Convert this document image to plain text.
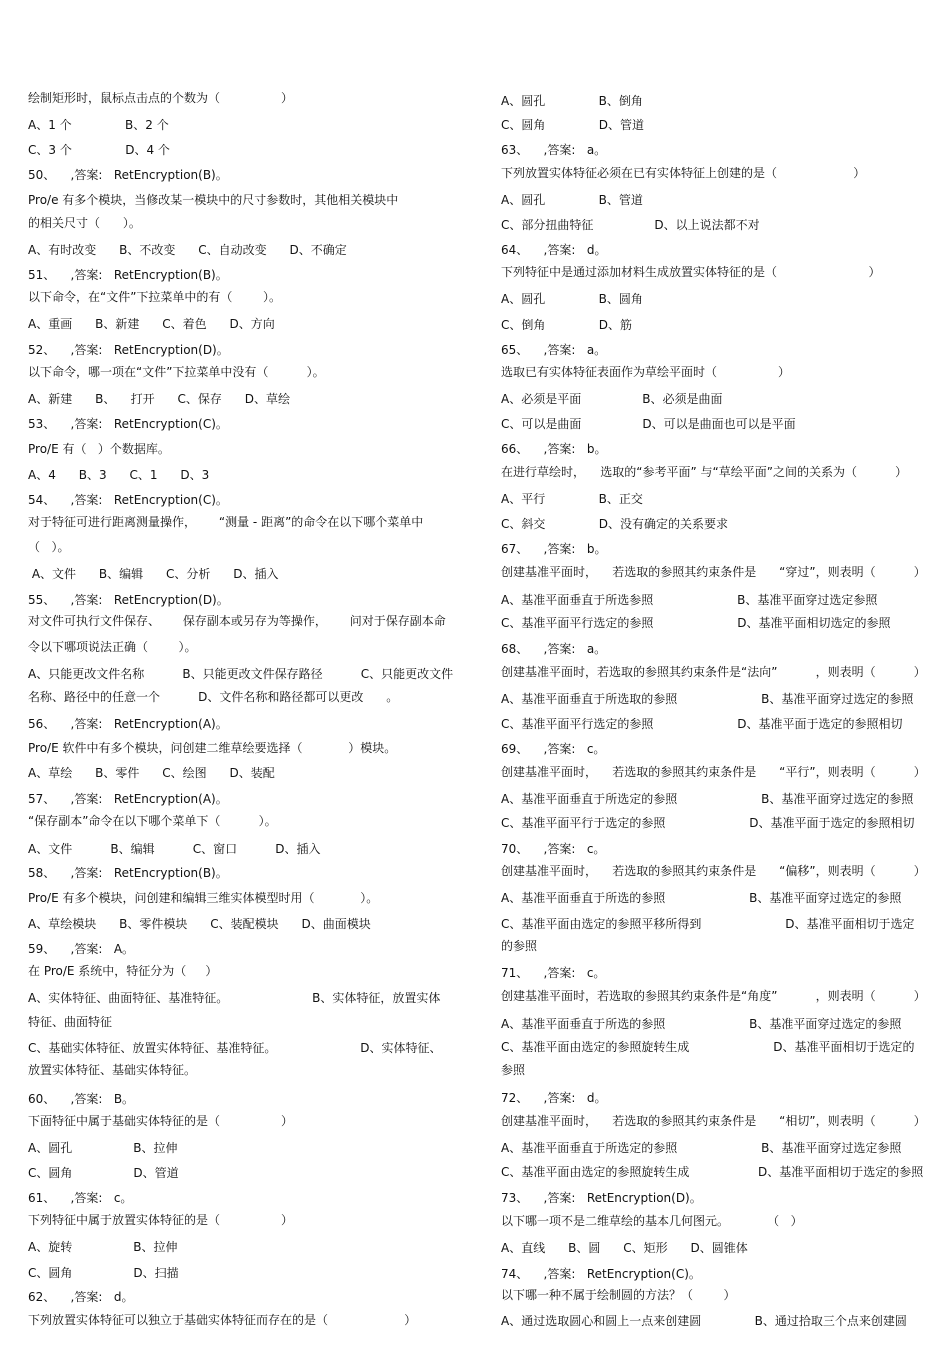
绘制矩形时，鼠标点击点的个数为（                ）
A、1 个              B、2 个
C、3 个              D、4 个
50、    ,答案:   RetEncryption(B)。
Pro/e 有多个模块，当修改某一模块中的尺寸参数时，其他相关模块中
的相关尺寸（      ）。
A、有时改变      B、不改变      C、自动改变      D、不确定
51、    ,答案:   RetEncryption(B)。
以下命令，在“文件”下拉菜单中的有（        ）。
A、重画      B、新建      C、着色      D、方向
52、    ,答案:   RetEncryption(D)。
以下命令，哪一项在“文件”下拉菜单中没有（          ）。
A、新建      B、    打开      C、保存      D、草绘
53、    ,答案:   RetEncryption(C)。
Pro/E 有（   ）个数据库。
A、4      B、3      C、1      D、3
54、    ,答案:   RetEncryption(C)。
对于特征可进行距离测量操作，      “测量 - 距离”的命令在以下哪个菜单中
（   ）。
A、文件      B、编辑      C、分析      D、插入
55、    ,答案:   RetEncryption(D)。
对文件可执行文件保存、      保存副本或另存为等操作，      问对于保存副本命
令以下哪项说法正确（        ）。
A、只能更改文件名称          B、只能更改文件保存路径          C、只能更改文件
名称、路径中的任意一个          D、文件名称和路径都可以更改      。
56、    ,答案:   RetEncryption(A)。
Pro/E 软件中有多个模块，问创建二维草绘要选择（            ）模块。
A、草绘      B、零件      C、绘图      D、装配
57、    ,答案:   RetEncryption(A)。
“保存副本”命令在以下哪个菜单下（          ）。
A、文件          B、编辑          C、窗口          D、插入
58、    ,答案:   RetEncryption(B)。
Pro/E 有多个模块，问创建和编辑三维实体模型时用（            ）。
A、草绘模块      B、零件模块      C、装配模块      D、曲面模块
59、    ,答案:   A。
在 Pro/E 系统中，特征分为（     ）
A、实体特征、曲面特征、基准特征。                      B、实体特征，放置实体
特征、曲面特征
C、基础实体特征、放置实体特征、基准特征。                      D、实体特征、
放置实体特征、基础实体特征。
60、    ,答案:   B。
下面特征中属于基础实体特征的是（                ）
A、圆孔                B、拉伸
C、圆角                D、管道
61、    ,答案:   c。
下列特征中属于放置实体特征的是（                ）
A、旋转                B、拉伸
C、圆角                D、扫描
62、    ,答案:   d。
下列放置实体特征可以独立于基础实体特征而存在的是（                    ）
A、圆孔              B、倒角
C、圆角              D、管道
63、    ,答案:   a。
下列放置实体特征必须在已有实体特征上创建的是（                    ）
A、圆孔              B、管道
C、部分扭曲特征                D、以上说法都不对
64、    ,答案:   d。
下列特征中是通过添加材料生成放置实体特征的是（                        ）
A、圆孔              B、圆角
C、倒角              D、筋
65、    ,答案:   a。
选取已有实体特征表面作为草绘平面时（                ）
A、必须是平面                B、必须是曲面
C、可以是曲面                D、可以是曲面也可以是平面
66、    ,答案:   b。
在进行草绘时，    选取的“参考平面” 与“草绘平面”之间的关系为（          ）
A、平行              B、正交
C、斜交              D、没有确定的关系要求
67、    ,答案:   b。
创建基准平面时，    若选取的参照其约束条件是      “穿过”，则表明（          ）
A、基准平面垂直于所选参照                      B、基准平面穿过选定参照
C、基准平面平行选定的参照                      D、基准平面相切选定的参照
68、    ,答案:   a。
创建基准平面时，若选取的参照其约束条件是“法向”          ，则表明（          ）
A、基准平面垂直于所选取的参照                      B、基准平面穿过选定的参照
C、基准平面平行选定的参照                      D、基准平面于选定的参照相切
69、    ,答案:   c。
创建基准平面时，    若选取的参照其约束条件是      “平行”，则表明（          ）
A、基准平面垂直于所选定的参照                      B、基准平面穿过选定的参照
C、基准平面平行于选定的参照                      D、基准平面于选定的参照相切
70、    ,答案:   c。
创建基准平面时，    若选取的参照其约束条件是      “偏移”，则表明（          ）
A、基准平面垂直于所选的参照                      B、基准平面穿过选定的参照
C、基准平面由选定的参照平移所得到                      D、基准平面相切于选定
的参照
71、    ,答案:   c。
创建基准平面时，若选取的参照其约束条件是“角度”          ，则表明（          ）
A、基准平面垂直于所选的参照                      B、基准平面穿过选定的参照
C、基准平面由选定的参照旋转生成                      D、基准平面相切于选定的
参照
72、    ,答案:   d。
创建基准平面时，    若选取的参照其约束条件是      “相切”，则表明（          ）
A、基准平面垂直于所选定的参照                      B、基准平面穿过选定参照
C、基准平面由选定的参照旋转生成                  D、基准平面相切于选定的参照
73、    ,答案:   RetEncryption(D)。
以下哪一项不是二维草绘的基本几何图元。          （   ）
A、直线      B、圆      C、矩形      D、圆锥体
74、    ,答案:   RetEncryption(C)。
以下哪一种不属于绘制圆的方法？（        ）
A、通过选取圆心和圆上一点来创建圆              B、通过拾取三个点来创建圆
